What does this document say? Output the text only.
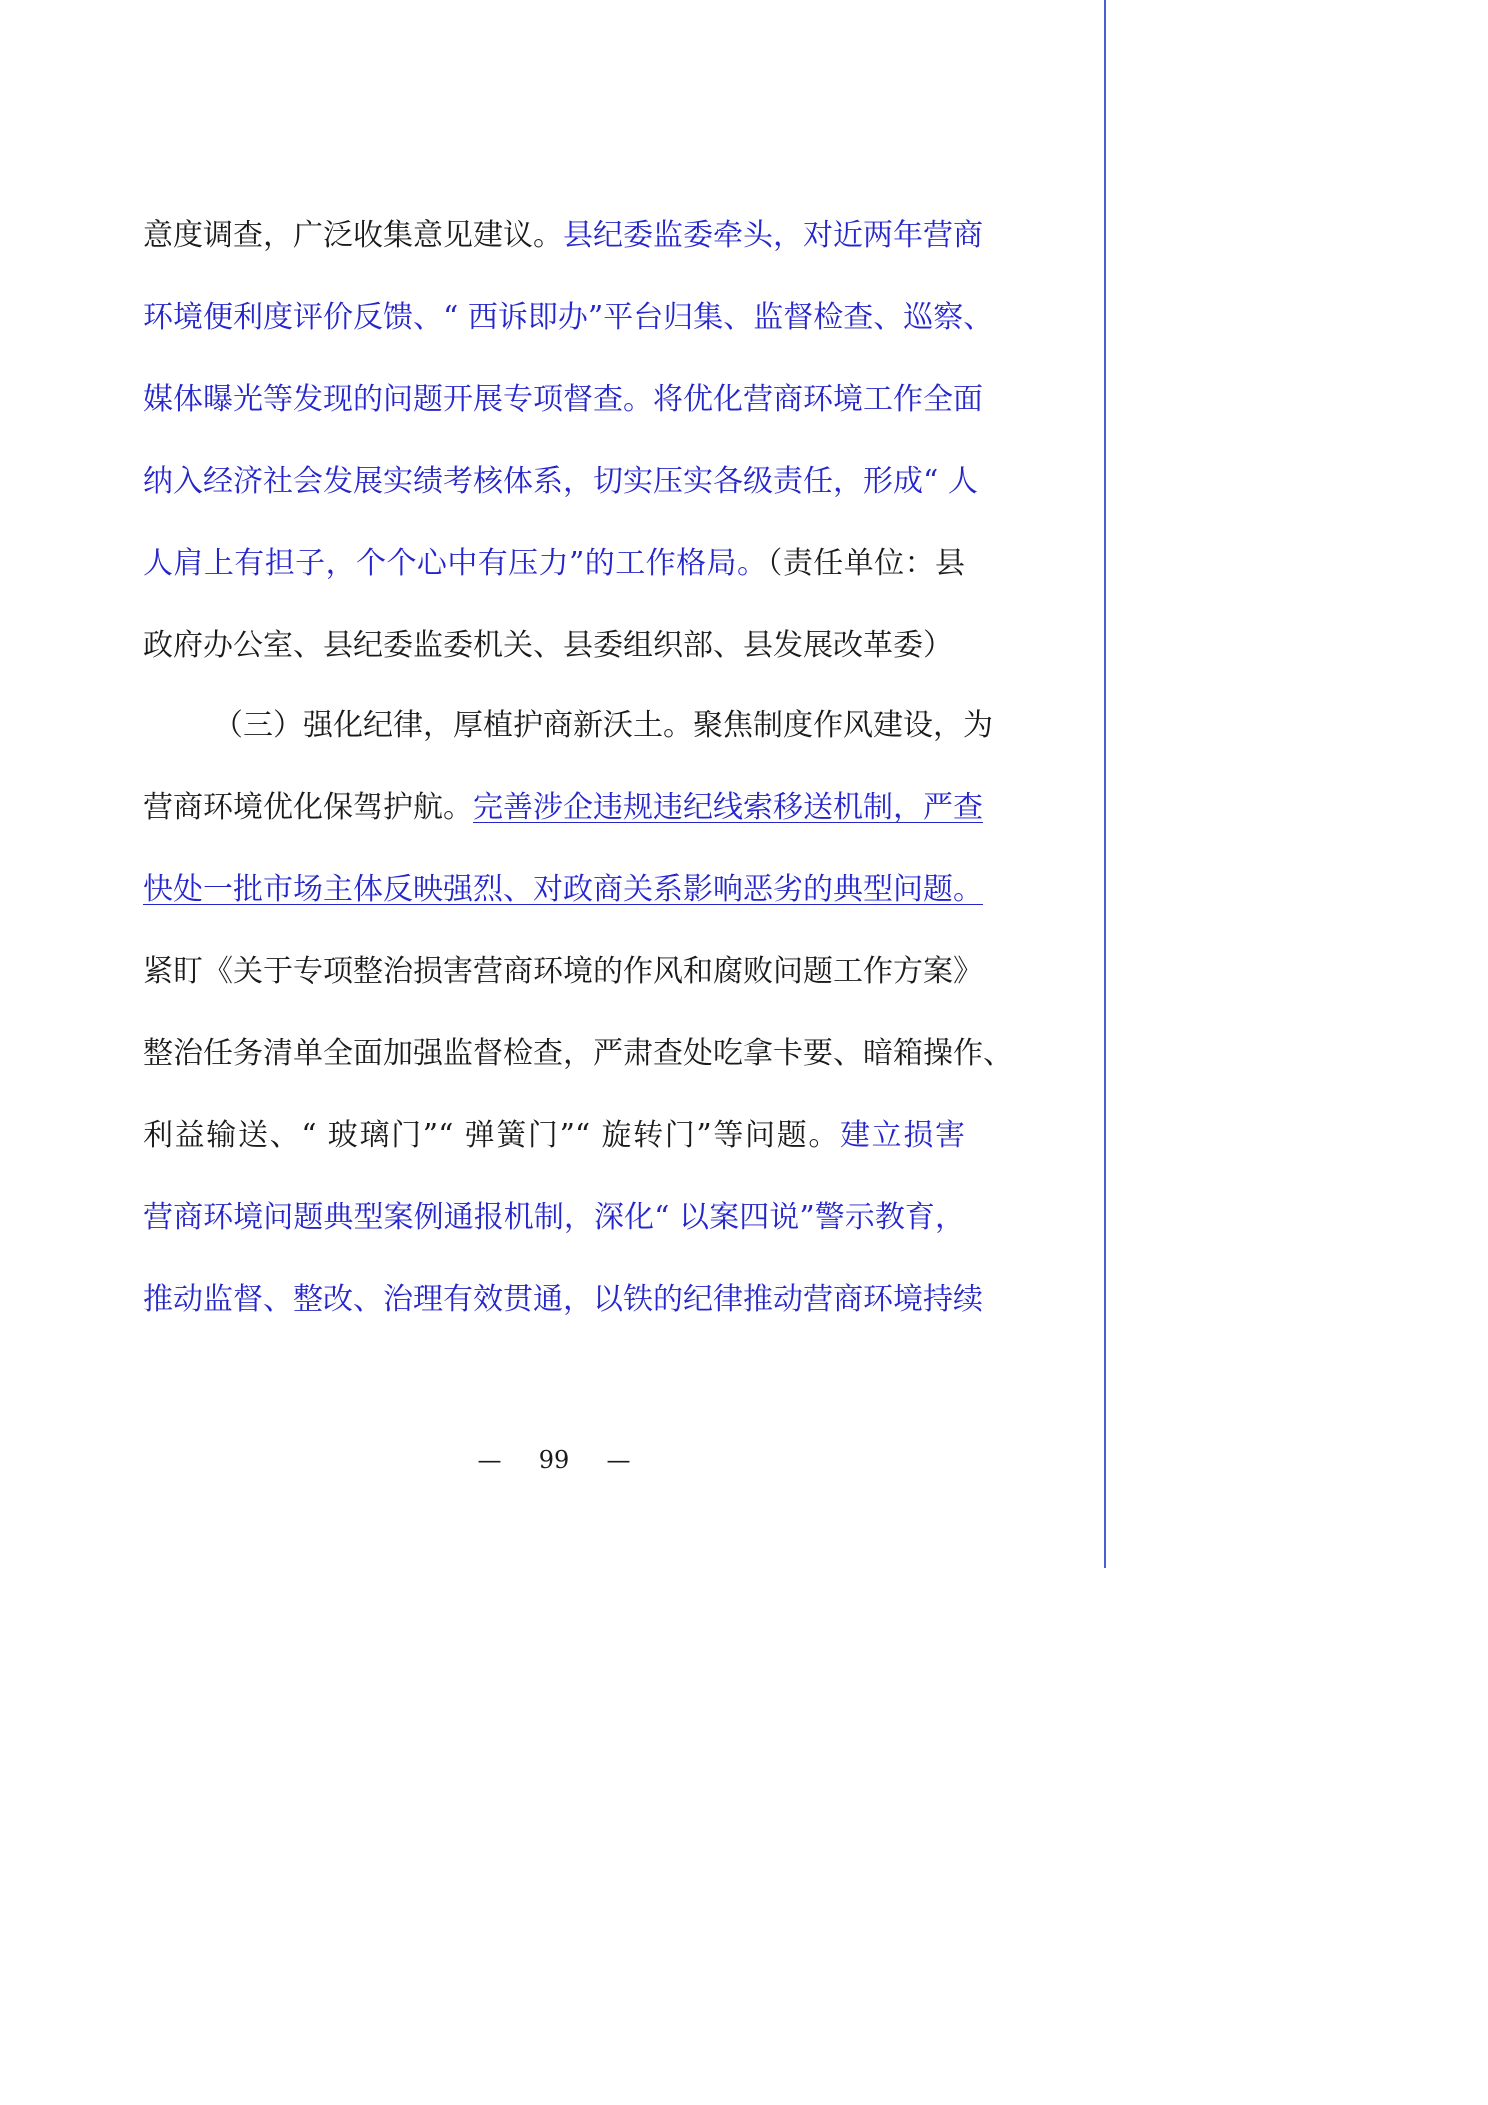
意度调查，广泛收集意见建议。县纪委监委牵头，对近两年营商
环境便利度评价反馈、“ 西诉即办”平台归集、监督检查、巡察、
媒体曝光等发现的问题开展专项督查。将优化营商环境工作全面
纳入经济社会发展实绩考核体系，切实压实各级责任，形成“ 人
人肩上有担子，个个心中有压力”的工作格局。（责任单位：县
政府办公室、县纪委监委机关、县委组织部、县发展改革委）
（三）强化纪律，厚植护商新沃土。聚焦制度作风建设，为
营商环境优化保驾护航。完善涉企违规违纪线索移送机制，严查
快处一批市场主体反映强烈、对政商关系影响恶劣的典型问题。
紧盯《关于专项整治损害营商环境的作风和腐败问题工作方案》
整治任务清单全面加强监督检查，严肃查处吃拿卡要、暗箱操作、
利益输送、“ 玻璃门”“ 弹簧门”“ 旋转门”等问题。建立损害
营商环境问题典型案例通报机制，深化“ 以案四说”警示教育，
推动监督、整改、治理有效贯通，以铁的纪律推动营商环境持续
— 99 —
